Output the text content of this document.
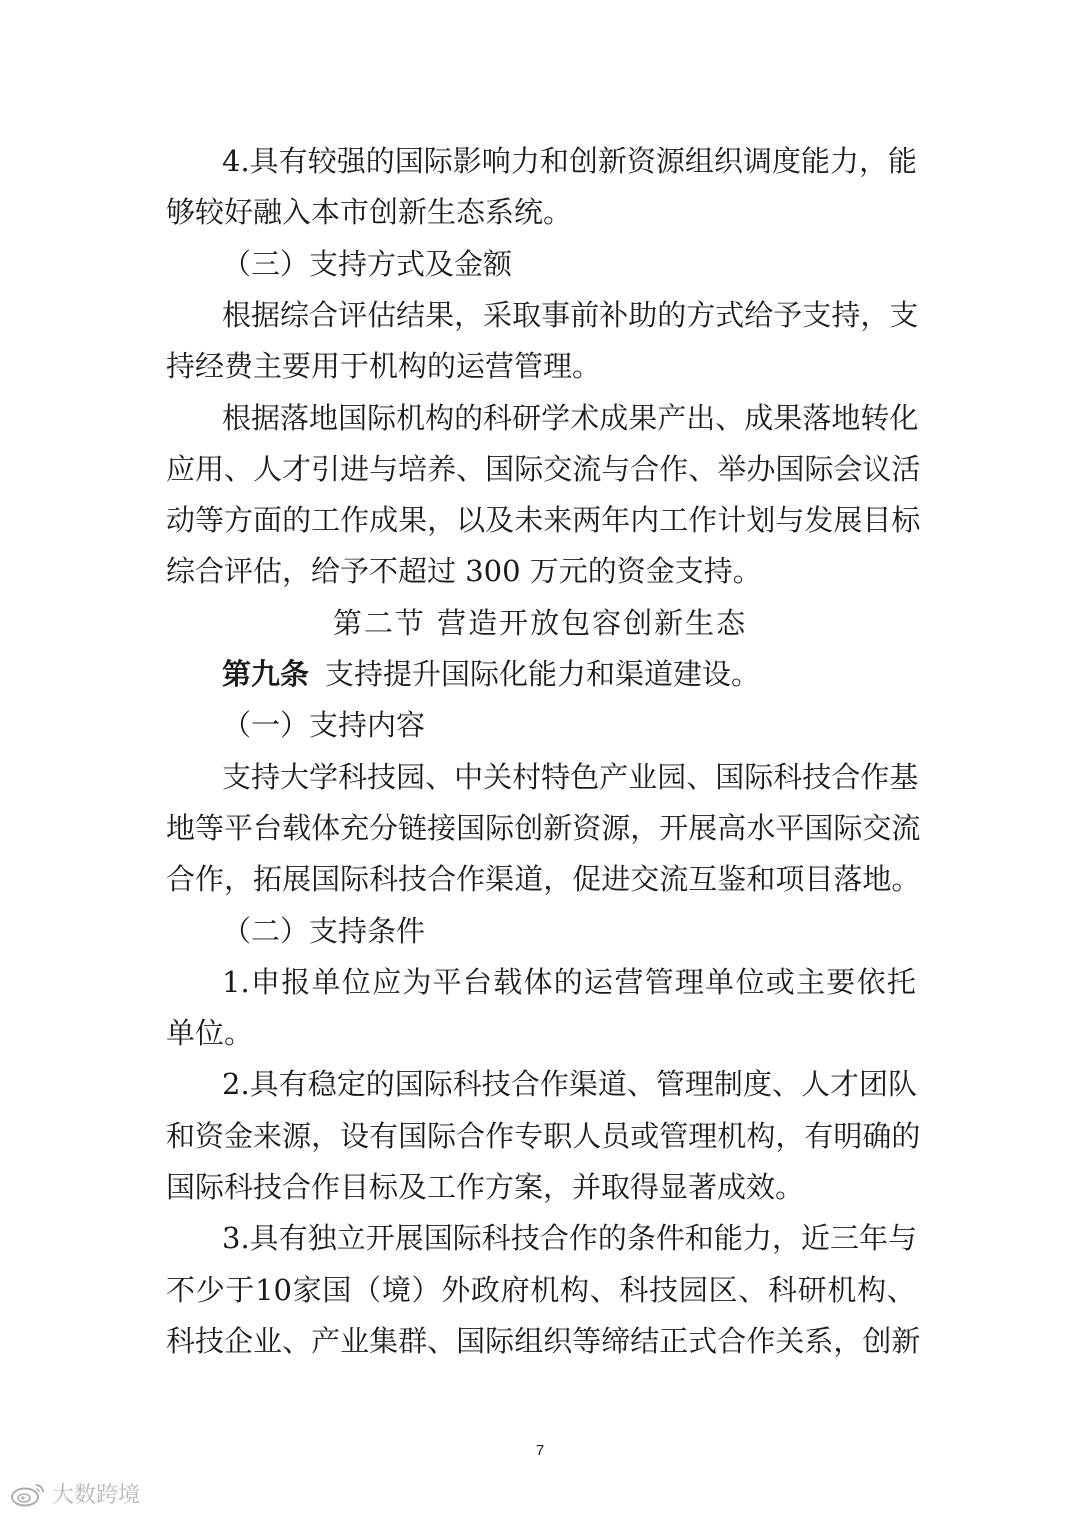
4. 具 有 较 强 的 国 际 影 响 力 和 创 新 资 源 组 织 调 度 能 力 ， 能
够较好融入本市创新生态系统。
（三）支持方式及金额
根 据 综 合 评 估 结 果 ， 采 取 事 前 补 助 的 方 式 给 予 支 持 ， 支
持经费主要用于机构的运营管理。
根 据 落 地 国 际 机 构 的 科 研 学 术 成 果 产 出 、 成 果 落 地 转 化
应 用 、 人 才 引 进 与 培 养 、 国 际 交 流 与 合 作 、 举 办 国 际 会 议 活
动 等 方 面 的 工 作 成 果 ， 以 及 未 来 两 年 内 工 作 计 划 与 发 展 目 标
综合评估，给予不超过 300 万元的资金支持。
第二节 营造开放包容创新生态
第九条 支持提升国际化能力和渠道建设。
（一）支持内容
支 持 大 学 科 技 园 、 中 关 村 特 色 产 业 园 、 国 际 科 技 合 作 基
地 等 平 台 载 体 充 分 链 接 国 际 创 新 资 源 ， 开 展 高 水 平 国 际 交 流
合 作 ， 拓 展 国 际 科 技 合 作 渠 道 ， 促 进 交 流 互 鉴 和 项 目 落 地 。
（二）支持条件
1. 申 报 单 位 应 为 平 台 载 体 的 运 营 管 理 单 位 或 主 要 依 托
单位。
2. 具 有 稳 定 的 国 际 科 技 合 作 渠 道 、 管 理 制 度 、 人 才 团 队
和 资 金 来 源 ， 设 有 国 际 合 作 专 职 人 员 或 管 理 机 构 ， 有 明 确 的
国际科技合作目标及工作方案，并取得显著成效。
3. 具 有 独 立 开 展 国 际 科 技 合 作 的 条 件 和 能 力 ， 近 三 年 与
不 少 于 10 家 国 （ 境 ） 外 政 府 机 构 、 科 技 园 区 、 科 研 机 构 、
科 技 企 业 、 产 业 集 群 、 国 际 组 织 等 缔 结 正 式 合 作 关 系 ， 创 新
7
大数跨境
